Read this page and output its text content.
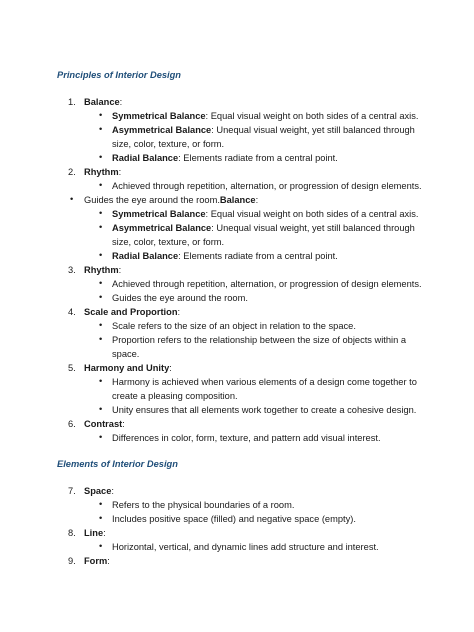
Principles of Interior Design
1. Balance:
• Symmetrical Balance: Equal visual weight on both sides of a central axis.
• Asymmetrical Balance: Unequal visual weight, yet still balanced through
size, color, texture, or form.
• Radial Balance: Elements radiate from a central point.
2. Rhythm:
• Achieved through repetition, alternation, or progression of design elements.
• Guides the eye around the room.Balance:
• Symmetrical Balance: Equal visual weight on both sides of a central axis.
• Asymmetrical Balance: Unequal visual weight, yet still balanced through
size, color, texture, or form.
• Radial Balance: Elements radiate from a central point.
3. Rhythm:
• Achieved through repetition, alternation, or progression of design elements.
• Guides the eye around the room.
4. Scale and Proportion:
• Scale refers to the size of an object in relation to the space.
• Proportion refers to the relationship between the size of objects within a
space.
5. Harmony and Unity:
• Harmony is achieved when various elements of a design come together to
create a pleasing composition.
• Unity ensures that all elements work together to create a cohesive design.
6. Contrast:
• Differences in color, form, texture, and pattern add visual interest.
Elements of Interior Design
7. Space:
• Refers to the physical boundaries of a room.
• Includes positive space (filled) and negative space (empty).
8. Line:
• Horizontal, vertical, and dynamic lines add structure and interest.
9. Form:
